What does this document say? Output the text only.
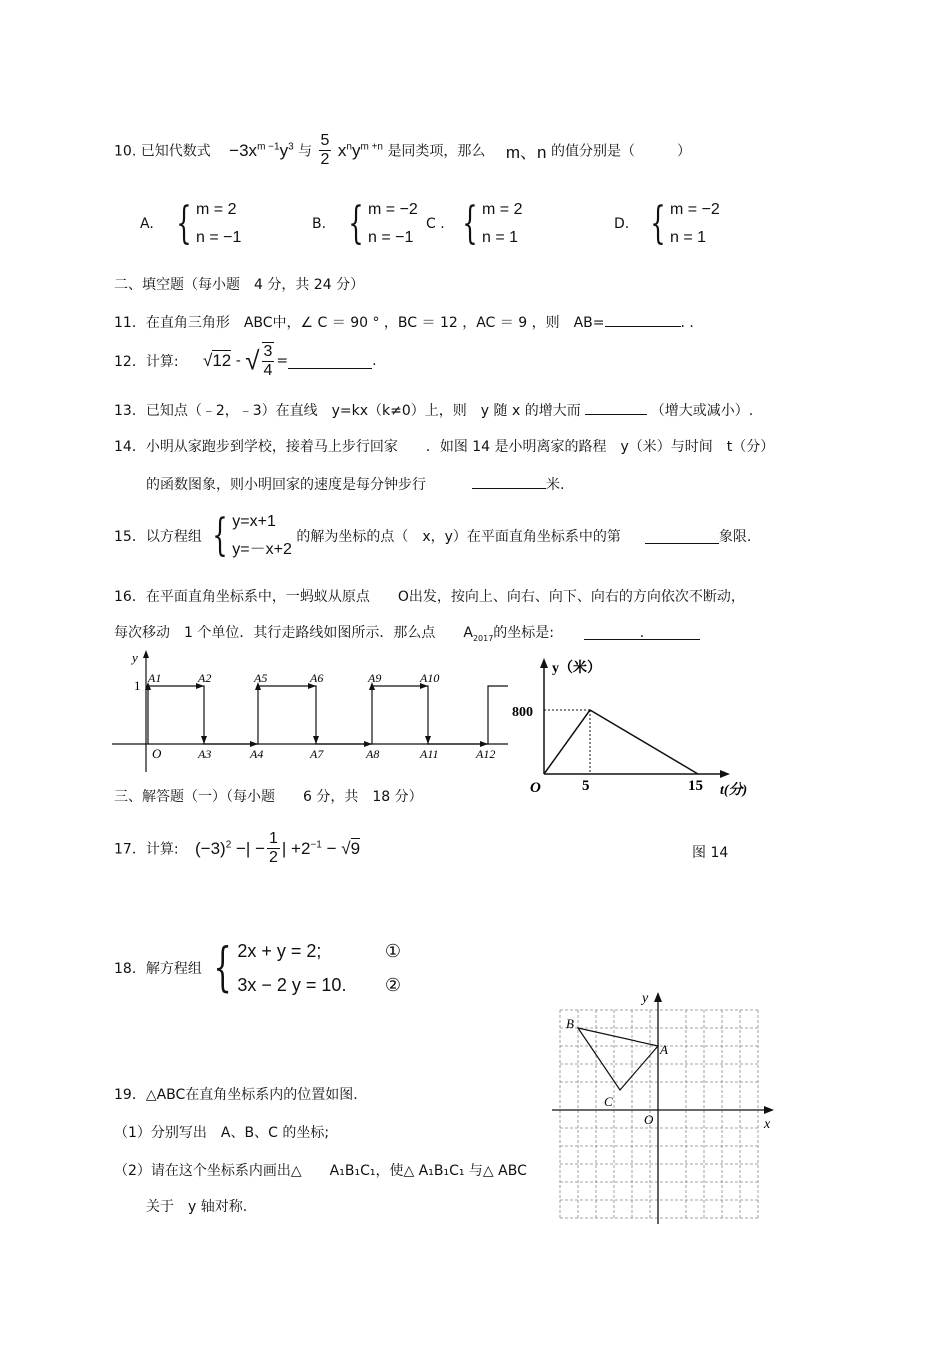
10. 已知代数式 $-3x^{m -1}y^3$ 与 $\frac{5}{2} x^ny^{m +n}$ 是同类项，那么 m、n 的值分别是（　　　）
A. { m = 2
n = −1
B. { m = −2
n = −1
C . { m = 2
n = 1
D. { m = −2
n = 1
二、填空题（每小题　4 分，共 24 分）
11．在直角三角形　ABC中，∠ C ＝ 90 ° ，BC ＝ 12 ，AC ＝ 9 ，则　AB=	. .
12．计算: √12 - √ $\frac{3}{4}$ =	.
13．已知点（﹣2，﹣3）在直线　y=kx（k≠0）上，则　y 随 x 的增大而	（增大或减小）.
14．小明从家跑步到学校，接着马上步行回家　　．如图 14 是小明离家的路程　y（米）与时间　t（分）
的函数图象，则小明回家的速度是每分钟步行	米.
15．以方程组 { y=x+1
y=－x+2 的解为坐标的点（　x，y）在平面直角坐标系中的第	象限.
16．在平面直角坐标系中，一蚂蚁从原点　　O出发，按向上、向右、向下、向右的方向依次不断动，
每次移动　1 个单位．其行走路线如图所示．那么点　　$A_{2017}$的坐标是:	.
y
1
O
A1	A2	A5	A6	A9	A10
A3	A4	A7	A8	A11	A12
y（米）
800
O	5	15 t(分)
三、解答题（一）（每小题　　6 分，共　18 分）
17．计算: $(-3)^2$ −| − $\frac{1}{2}$ | $+2^{-1} - √9$	图 14
18．解方程组 { 2x + y = 2;
3x − 2 y = 10. ①
②
19．△ABC在直角坐标系内的位置如图.
（1）分别写出　A、B、C 的坐标;
（2）请在这个坐标系内画出△　　A₁B₁C₁，使△ A₁B₁C₁ 与△ ABC
关于　y 轴对称.
y
x
O
B
A
C
